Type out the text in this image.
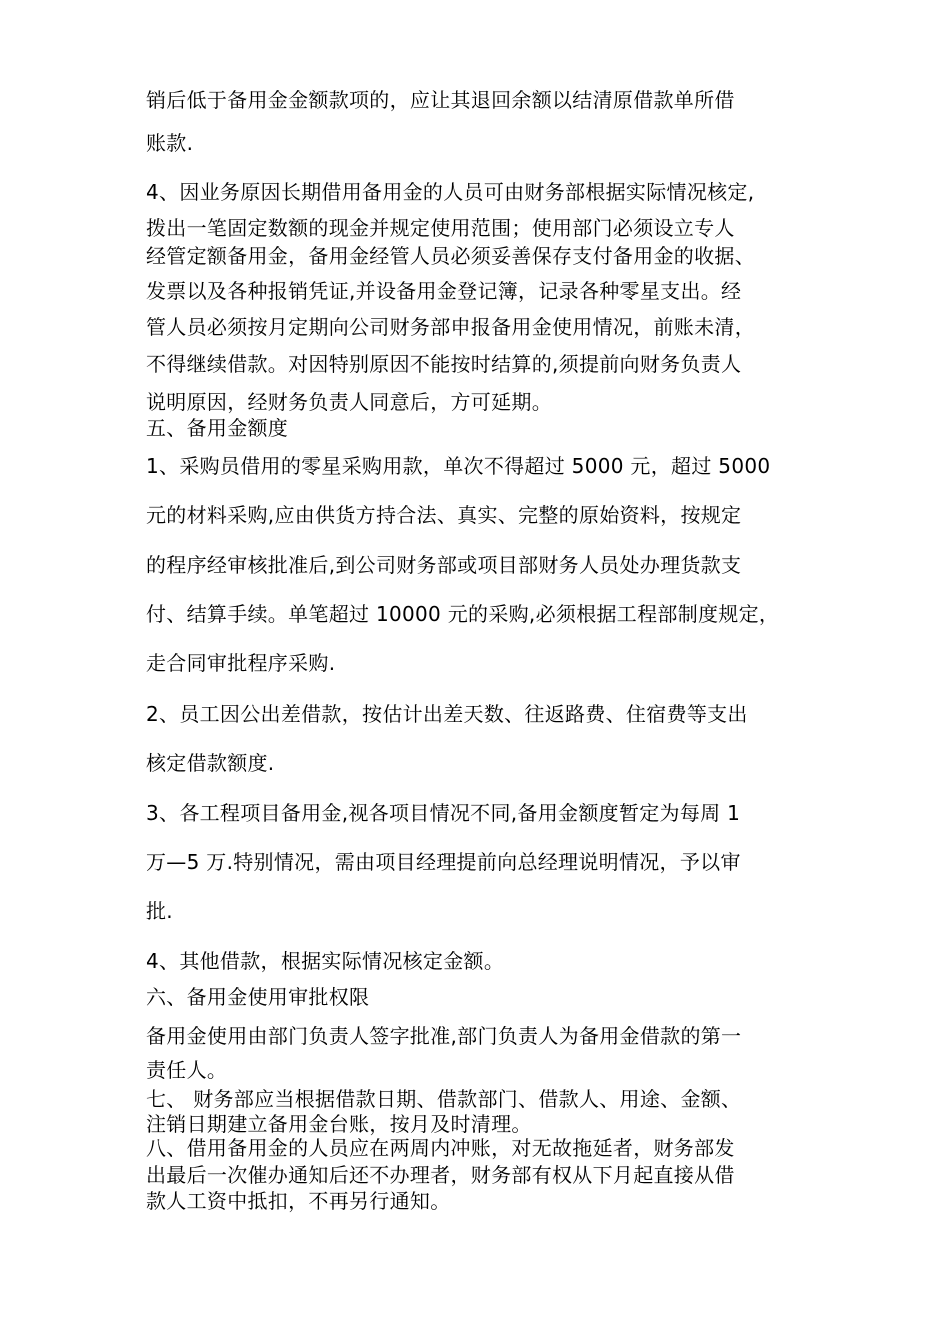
销后低于备用金金额款项的，应让其退回余额以结清原借款单所借
账款.
4、因业务原因长期借用备用金的人员可由财务部根据实际情况核定,
拨出一笔固定数额的现金并规定使用范围；使用部门必须设立专人
经管定额备用金，备用金经管人员必须妥善保存支付备用金的收据、
发票以及各种报销凭证,并设备用金登记簿，记录各种零星支出。经
管人员必须按月定期向公司财务部申报备用金使用情况，前账未清，
不得继续借款。对因特别原因不能按时结算的,须提前向财务负责人
说明原因，经财务负责人同意后，方可延期。
五、备用金额度
1、采购员借用的零星采购用款，单次不得超过 5000 元，超过 5000
元的材料采购,应由供货方持合法、真实、完整的原始资料，按规定
的程序经审核批准后,到公司财务部或项目部财务人员处办理货款支
付、结算手续。单笔超过 10000 元的采购,必须根据工程部制度规定，
走合同审批程序采购.
2、员工因公出差借款，按估计出差天数、往返路费、住宿费等支出
核定借款额度.
3、各工程项目备用金,视各项目情况不同,备用金额度暂定为每周 1
万—5 万.特别情况，需由项目经理提前向总经理说明情况，予以审
批.
4、其他借款，根据实际情况核定金额。
六、备用金使用审批权限
备用金使用由部门负责人签字批准,部门负责人为备用金借款的第一
责任人。
七、 财务部应当根据借款日期、借款部门、借款人、用途、金额、
注销日期建立备用金台账，按月及时清理。
八、借用备用金的人员应在两周内冲账，对无故拖延者，财务部发
出最后一次催办通知后还不办理者，财务部有权从下月起直接从借
款人工资中抵扣，不再另行通知。
